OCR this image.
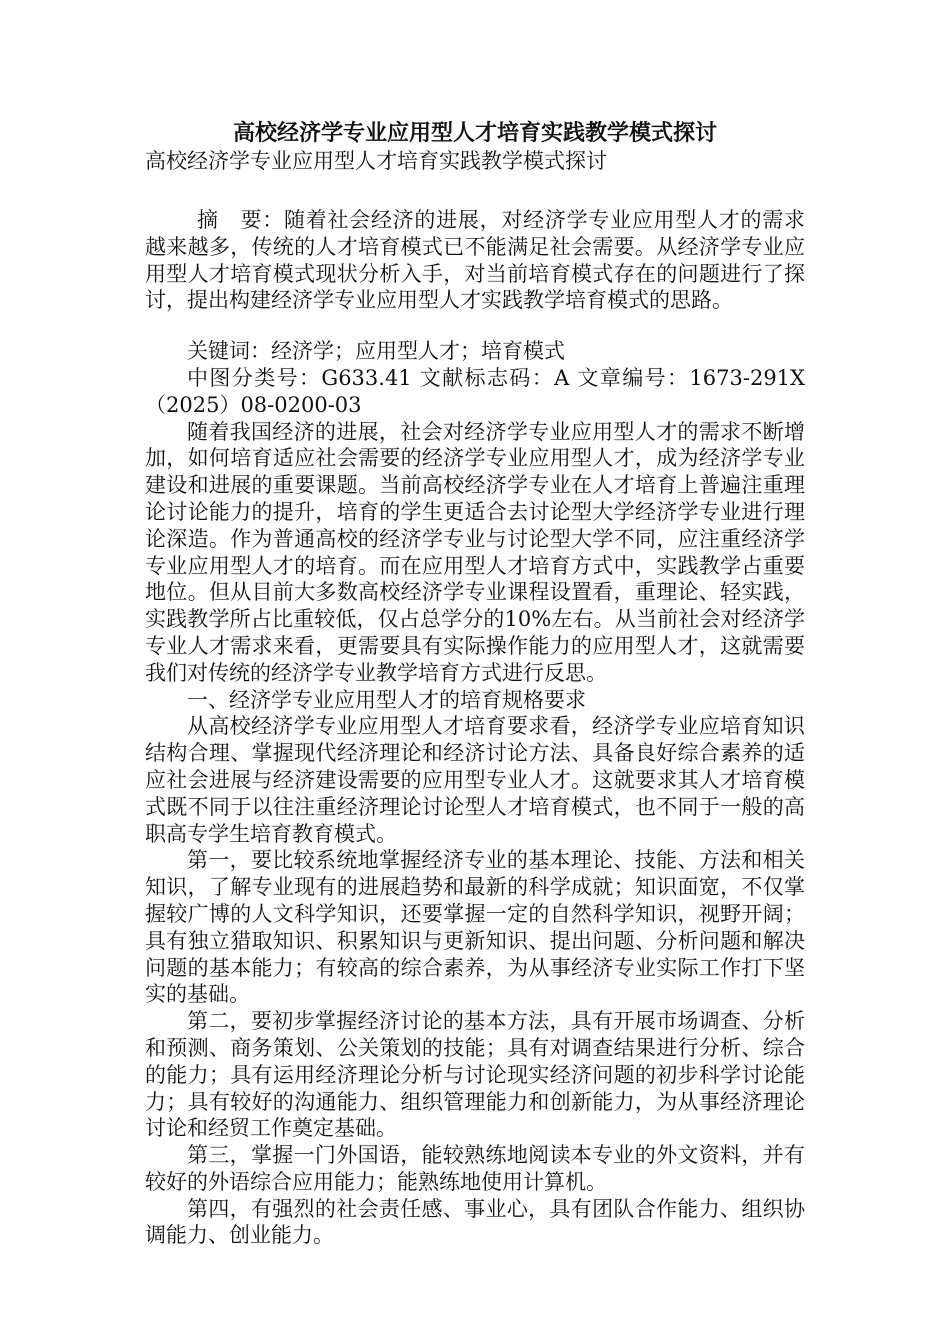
高校经济学专业应用型人才培育实践教学模式探讨
高校经济学专业应用型人才培育实践教学模式探讨

摘　要：随着社会经济的进展，对经济学专业应用型人才的需求越来越多，传统的人才培育模式已不能满足社会需要。从经济学专业应用型人才培育模式现状分析入手，对当前培育模式存在的问题进行了探讨，提出构建经济学专业应用型人才实践教学培育模式的思路。

关键词：经济学；应用型人才；培育模式

中图分类号：G633.41 文献标志码：A 文章编号：1673-291X（2025）08-0200-03

随着我国经济的进展，社会对经济学专业应用型人才的需求不断增加，如何培育适应社会需要的经济学专业应用型人才，成为经济学专业建设和进展的重要课题。当前高校经济学专业在人才培育上普遍注重理论讨论能力的提升，培育的学生更适合去讨论型大学经济学专业进行理论深造。作为普通高校的经济学专业与讨论型大学不同，应注重经济学专业应用型人才的培育。而在应用型人才培育方式中，实践教学占重要地位。但从目前大多数高校经济学专业课程设置看，重理论、轻实践，实践教学所占比重较低，仅占总学分的10%左右。从当前社会对经济学专业人才需求来看，更需要具有实际操作能力的应用型人才，这就需要我们对传统的经济学专业教学培育方式进行反思。

一、经济学专业应用型人才的培育规格要求

从高校经济学专业应用型人才培育要求看，经济学专业应培育知识结构合理、掌握现代经济理论和经济讨论方法、具备良好综合素养的适应社会进展与经济建设需要的应用型专业人才。这就要求其人才培育模式既不同于以往注重经济理论讨论型人才培育模式，也不同于一般的高职高专学生培育教育模式。

第一，要比较系统地掌握经济专业的基本理论、技能、方法和相关知识，了解专业现有的进展趋势和最新的科学成就；知识面宽，不仅掌握较广博的人文科学知识，还要掌握一定的自然科学知识，视野开阔；具有独立猎取知识、积累知识与更新知识、提出问题、分析问题和解决问题的基本能力；有较高的综合素养，为从事经济专业实际工作打下坚实的基础。

第二，要初步掌握经济讨论的基本方法，具有开展市场调查、分析和预测、商务策划、公关策划的技能；具有对调查结果进行分析、综合的能力；具有运用经济理论分析与讨论现实经济问题的初步科学讨论能力；具有较好的沟通能力、组织管理能力和创新能力，为从事经济理论讨论和经贸工作奠定基础。

第三，掌握一门外国语，能较熟练地阅读本专业的外文资料，并有较好的外语综合应用能力；能熟练地使用计算机。

第四，有强烈的社会责任感、事业心，具有团队合作能力、组织协调能力、创业能力。
